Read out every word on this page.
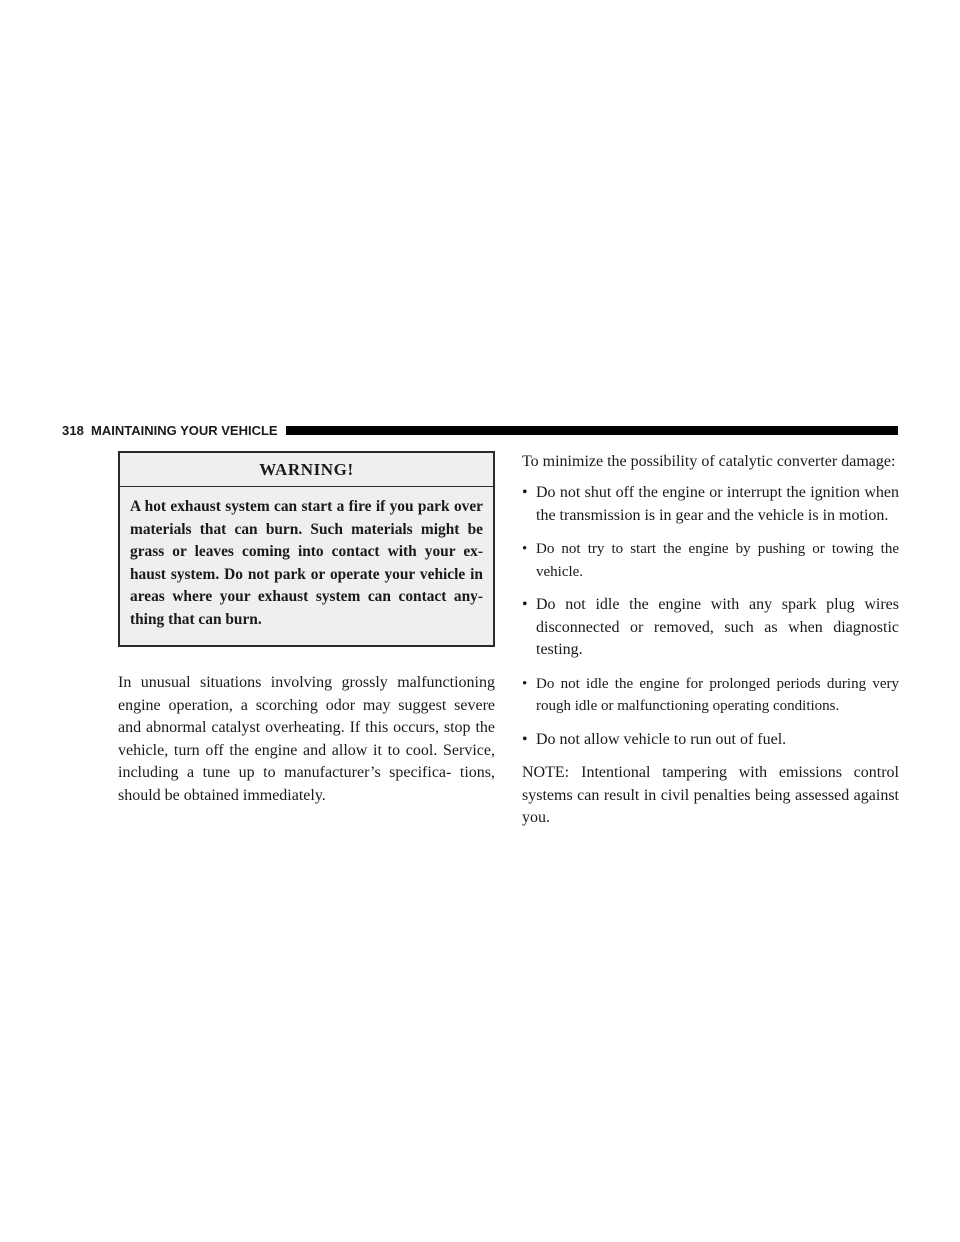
318 MAINTAINING YOUR VEHICLE
WARNING!
A hot exhaust system can start a fire if you park over materials that can burn. Such materials might be grass or leaves coming into contact with your ex- haust system. Do not park or operate your vehicle in areas where your exhaust system can contact any- thing that can burn.

In unusual situations involving grossly malfunctioning engine operation, a scorching odor may suggest severe and abnormal catalyst overheating. If this occurs, stop the vehicle, turn off the engine and allow it to cool. Service, including a tune up to manufacturer’s specifica- tions, should be obtained immediately.

To minimize the possibility of catalytic converter damage:

• Do not shut off the engine or interrupt the ignition when the transmission is in gear and the vehicle is in motion.
• Do not try to start the engine by pushing or towing the vehicle.
• Do not idle the engine with any spark plug wires disconnected or removed, such as when diagnostic testing.
• Do not idle the engine for prolonged periods during very rough idle or malfunctioning operating conditions.
• Do not allow vehicle to run out of fuel.

NOTE: Intentional tampering with emissions control systems can result in civil penalties being assessed against you.
